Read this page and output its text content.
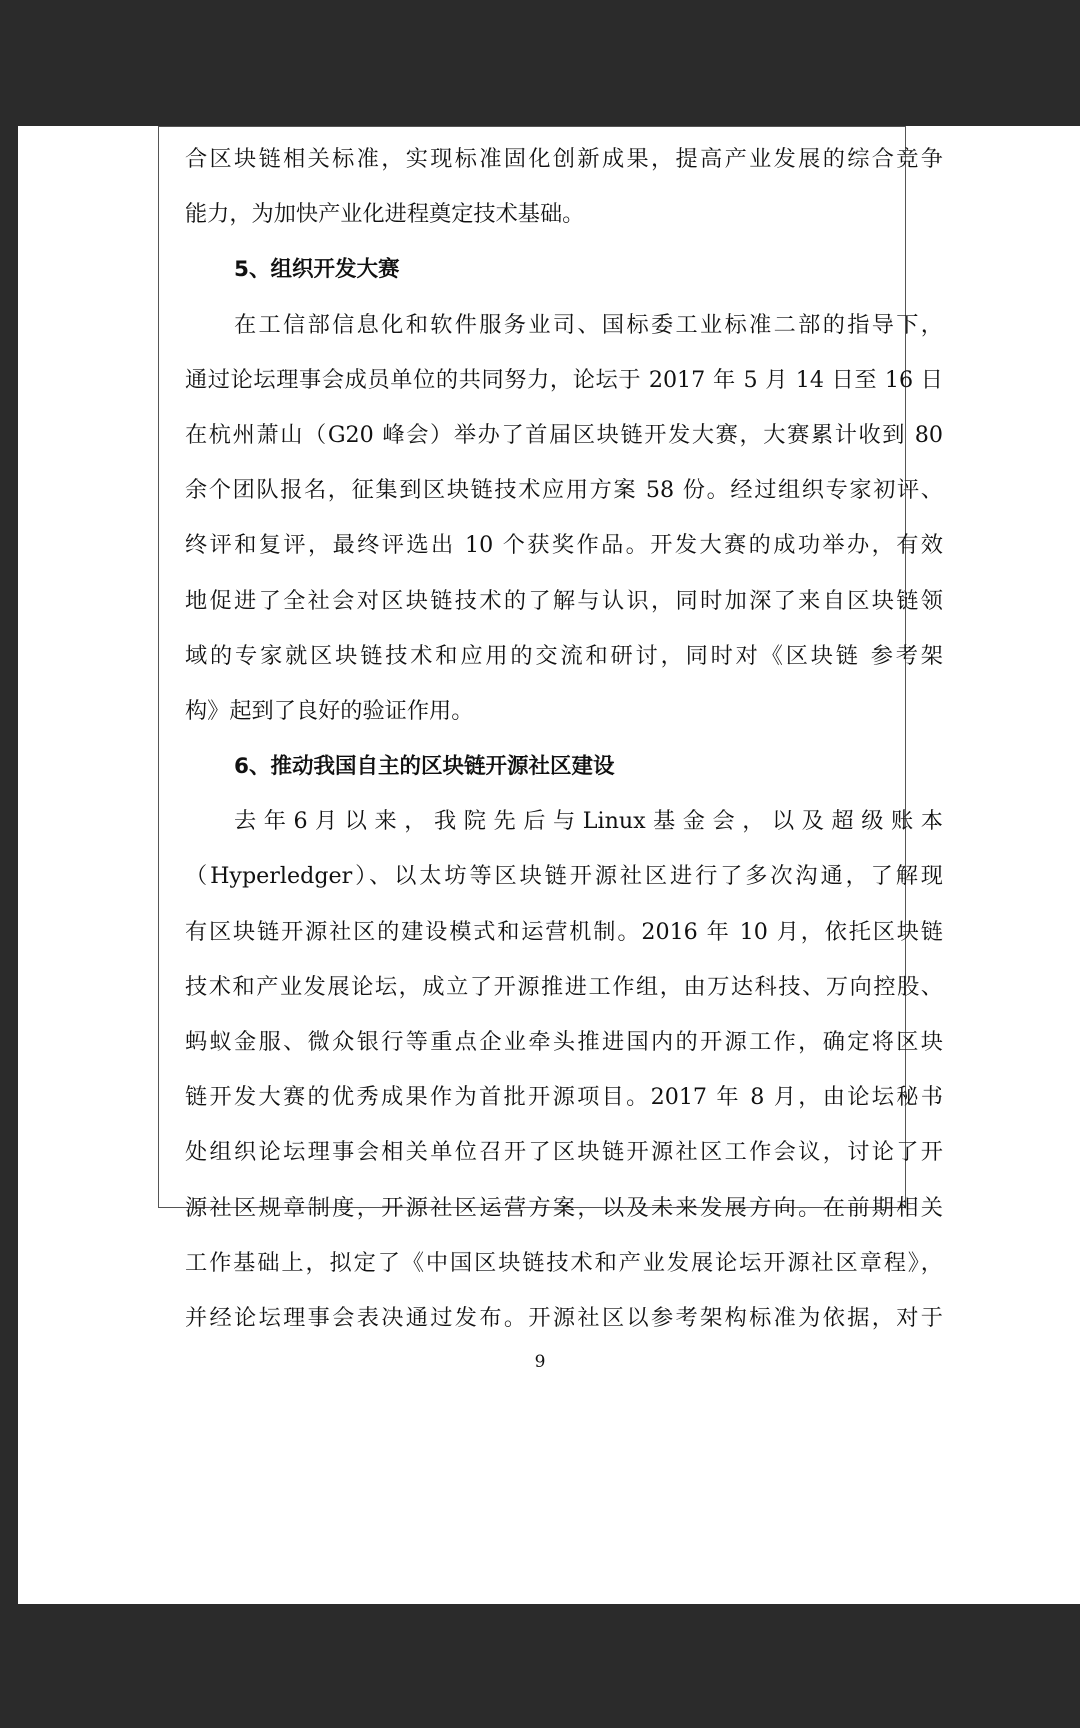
合区块链相关标准，实现标准固化创新成果，提高产业发展的综合竞争
能力，为加快产业化进程奠定技术基础。
5、组织开发大赛
在工信部信息化和软件服务业司、国标委工业标准二部的指导下，
通过论坛理事会成员单位的共同努力，论坛于 2017 年 5 月 14 日至 16 日
在杭州萧山（G20 峰会）举办了首届区块链开发大赛，大赛累计收到 80
余个团队报名，征集到区块链技术应用方案 58 份。经过组织专家初评、
终评和复评，最终评选出 10 个获奖作品。开发大赛的成功举办，有效
地促进了全社会对区块链技术的了解与认识，同时加深了来自区块链领
域的专家就区块链技术和应用的交流和研讨，同时对《区块链 参考架
构》起到了良好的验证作用。
6、推动我国自主的区块链开源社区建设
去 年 6 月 以 来 ， 我 院 先 后 与 Linux 基 金 会 ， 以 及 超 级 账 本
（Hyperledger）、以太坊等区块链开源社区进行了多次沟通，了解现
有区块链开源社区的建设模式和运营机制。2016 年 10 月，依托区块链
技术和产业发展论坛，成立了开源推进工作组，由万达科技、万向控股、
蚂蚁金服、微众银行等重点企业牵头推进国内的开源工作，确定将区块
链开发大赛的优秀成果作为首批开源项目。2017 年 8 月，由论坛秘书
处组织论坛理事会相关单位召开了区块链开源社区工作会议，讨论了开
源社区规章制度，开源社区运营方案，以及未来发展方向。在前期相关
工作基础上，拟定了《中国区块链技术和产业发展论坛开源社区章程》，
并经论坛理事会表决通过发布。开源社区以参考架构标准为依据，对于
9
